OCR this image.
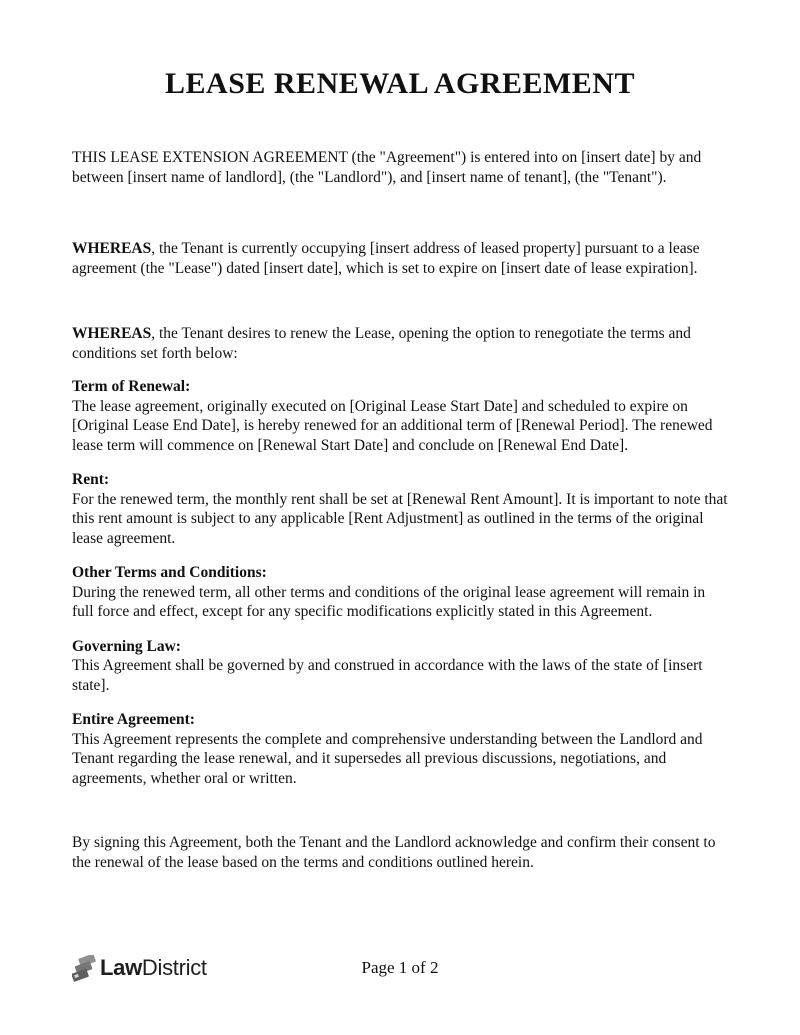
LEASE RENEWAL AGREEMENT

THIS LEASE EXTENSION AGREEMENT (the "Agreement") is entered into on [insert date] by and between [insert name of landlord], (the "Landlord"), and [insert name of tenant], (the "Tenant").

WHEREAS, the Tenant is currently occupying [insert address of leased property] pursuant to a lease agreement (the "Lease") dated [insert date], which is set to expire on [insert date of lease expiration].

WHEREAS, the Tenant desires to renew the Lease, opening the option to renegotiate the terms and conditions set forth below:

Term of Renewal:
The lease agreement, originally executed on [Original Lease Start Date] and scheduled to expire on [Original Lease End Date], is hereby renewed for an additional term of [Renewal Period]. The renewed lease term will commence on [Renewal Start Date] and conclude on [Renewal End Date].
Rent:
For the renewed term, the monthly rent shall be set at [Renewal Rent Amount]. It is important to note that this rent amount is subject to any applicable [Rent Adjustment] as outlined in the terms of the original lease agreement.
Other Terms and Conditions:
During the renewed term, all other terms and conditions of the original lease agreement will remain in full force and effect, except for any specific modifications explicitly stated in this Agreement.
Governing Law:
This Agreement shall be governed by and construed in accordance with the laws of the state of [insert state].
Entire Agreement:
This Agreement represents the complete and comprehensive understanding between the Landlord and Tenant regarding the lease renewal, and it supersedes all previous discussions, negotiations, and agreements, whether oral or written.

By signing this Agreement, both the Tenant and the Landlord acknowledge and confirm their consent to the renewal of the lease based on the terms and conditions outlined herein.

LawDistrict	Page 1 of 2
